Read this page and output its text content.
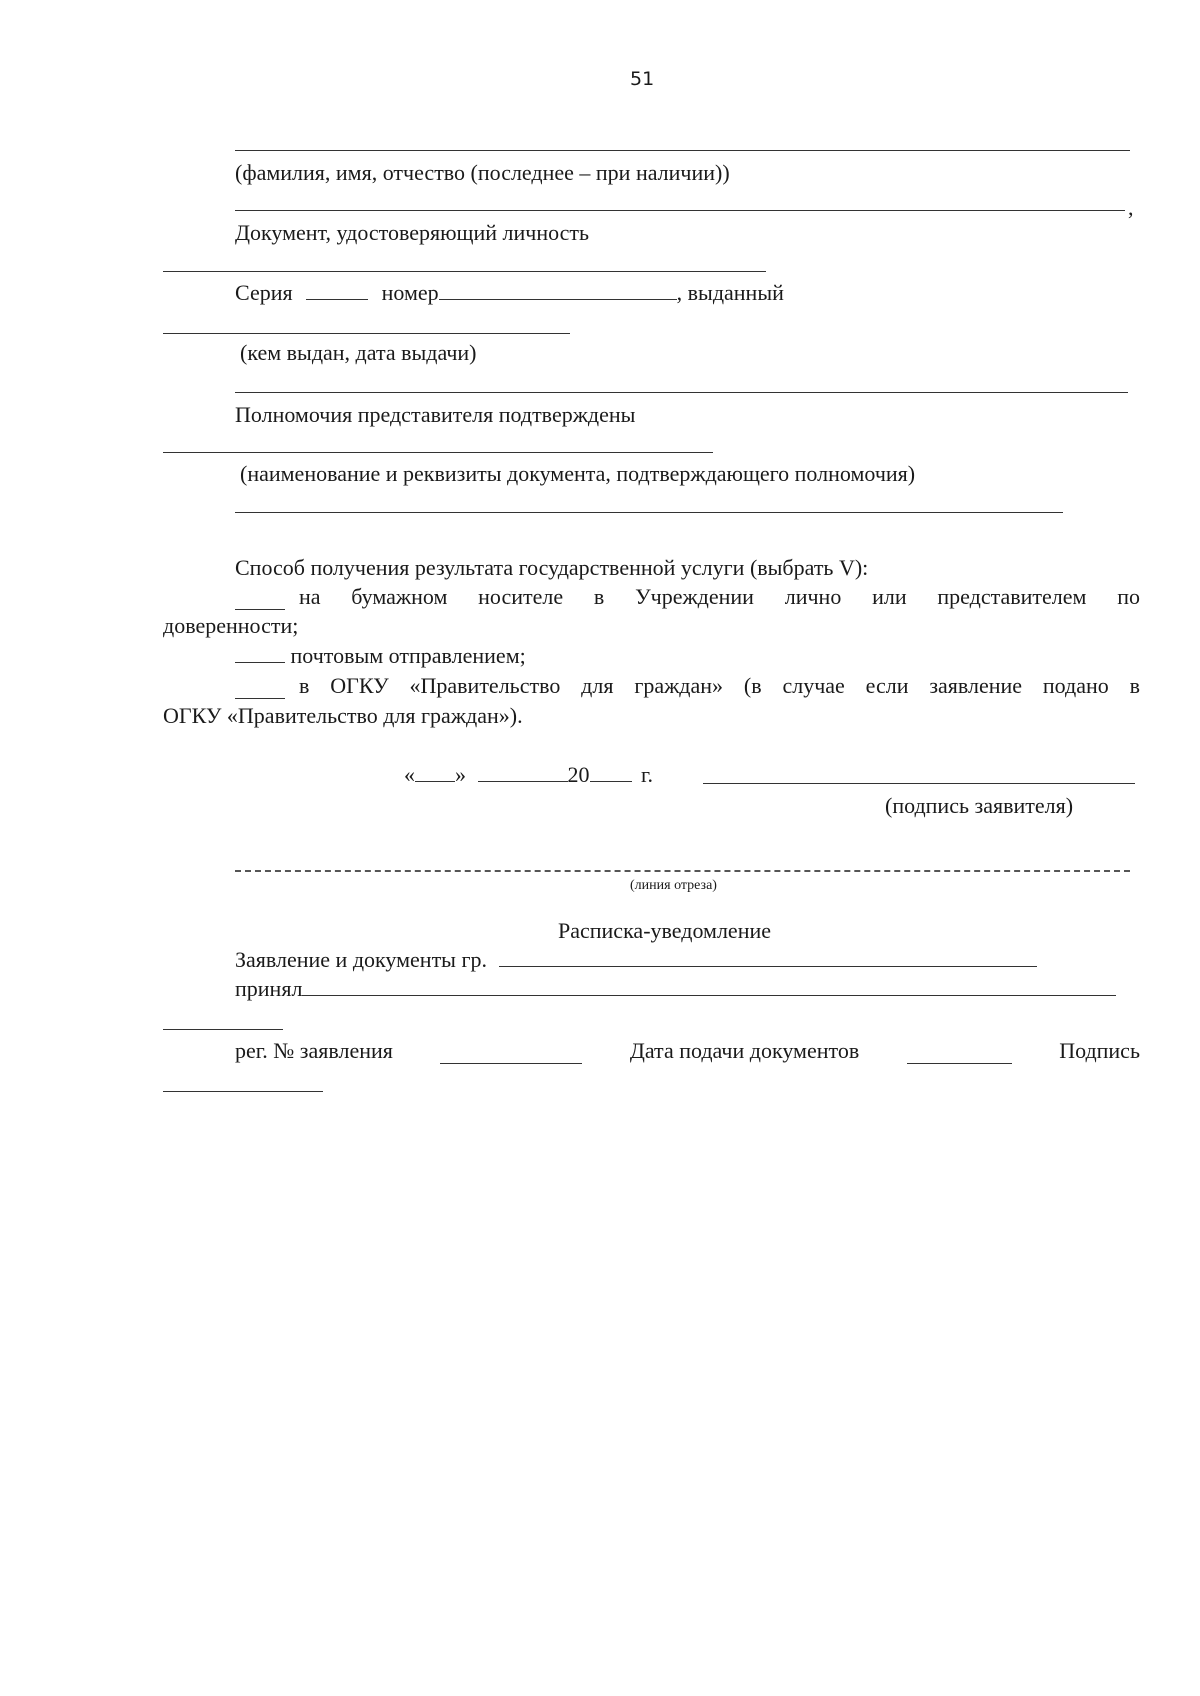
51
(фамилия, имя, отчество (последнее – при наличии))
,
Документ, удостоверяющий личность
Серия	номер	, выданный
(кем выдан, дата выдачи)
Полномочия представителя подтверждены
(наименование и реквизиты документа, подтверждающего полномочия)
Способ получения результата государственной услуги (выбрать V):
на бумажном носителе в Учреждении лично или представителем по
доверенности;
почтовым отправлением;
в ОГКУ «Правительство для граждан» (в случае если заявление подано в
ОГКУ «Правительство для граждан»).
« »	20 г.
(подпись заявителя)
(линия отреза)
Расписка-уведомление
Заявление и документы гр.
принял
рег. № заявления	Дата подачи документов	Подпись
